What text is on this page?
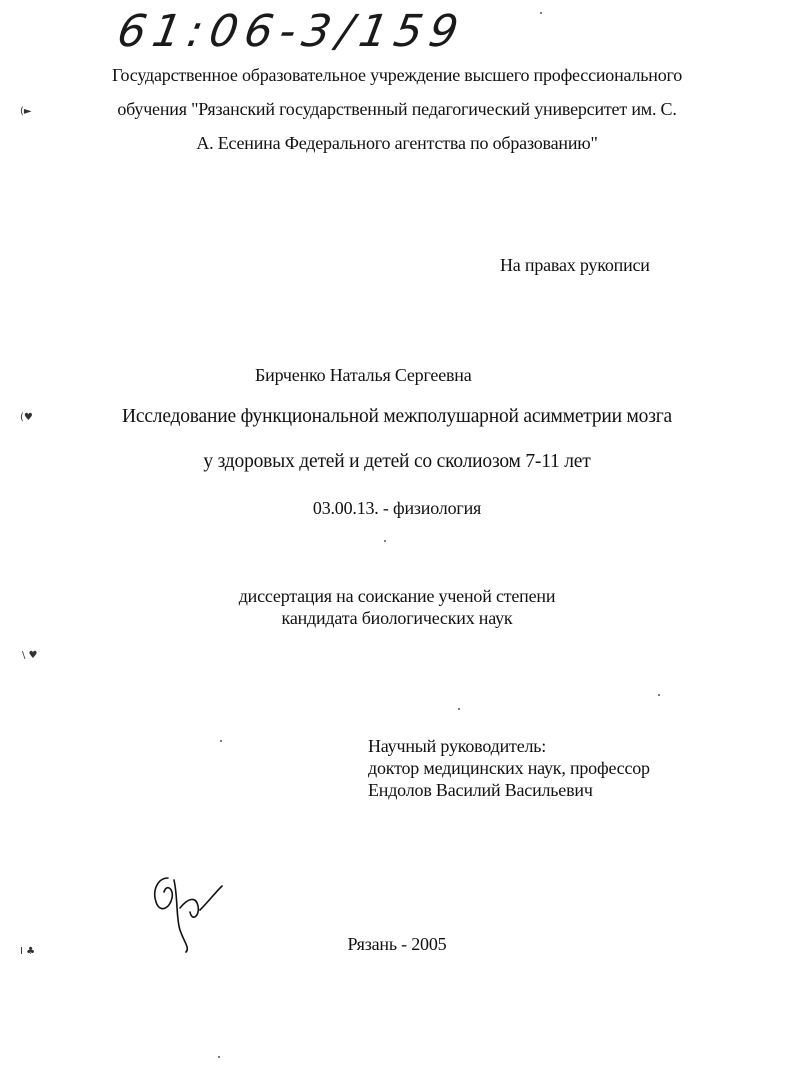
61:06-3/159
Государственное образовательное учреждение высшего профессионального
обучения "Рязанский государственный педагогический университет им. С.
А. Есенина Федерального агентства по образованию"
На правах рукописи
Бирченко Наталья Сергеевна
Исследование функциональной межполушарной асимметрии мозга
у здоровых детей и детей со сколиозом 7-11 лет
03.00.13. - физиология
диссертация на соискание ученой степени
кандидата биологических наук
Научный руководитель:
доктор медицинских наук, профессор
Ендолов Василий Васильевич
Рязань - 2005
(►
(♥
\ ♥
I ♣
